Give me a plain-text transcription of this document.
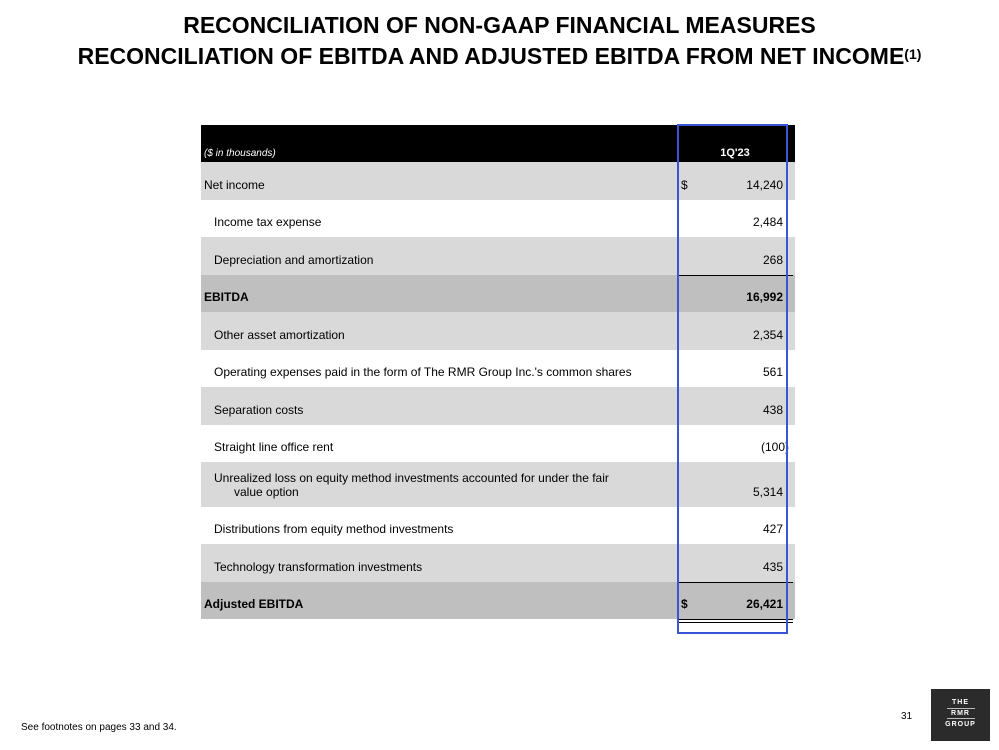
RECONCILIATION OF NON-GAAP FINANCIAL MEASURES
RECONCILIATION OF EBITDA AND ADJUSTED EBITDA FROM NET INCOME$^{(1)}$
($ in thousands)	1Q'23
Net income	$	14,240
Income tax expense	2,484
Depreciation and amortization	268
EBITDA	16,992
Other asset amortization	2,354
Operating expenses paid in the form of The RMR Group Inc.'s common shares	561
Separation costs	438
Straight line office rent	(100)
Unrealized loss on equity method investments accounted for under the fair
value option	5,314
Distributions from equity method investments	427
Technology transformation investments	435
Adjusted EBITDA	$	26,421
See footnotes on pages 33 and 34.
31
THE
RMR
GROUP
